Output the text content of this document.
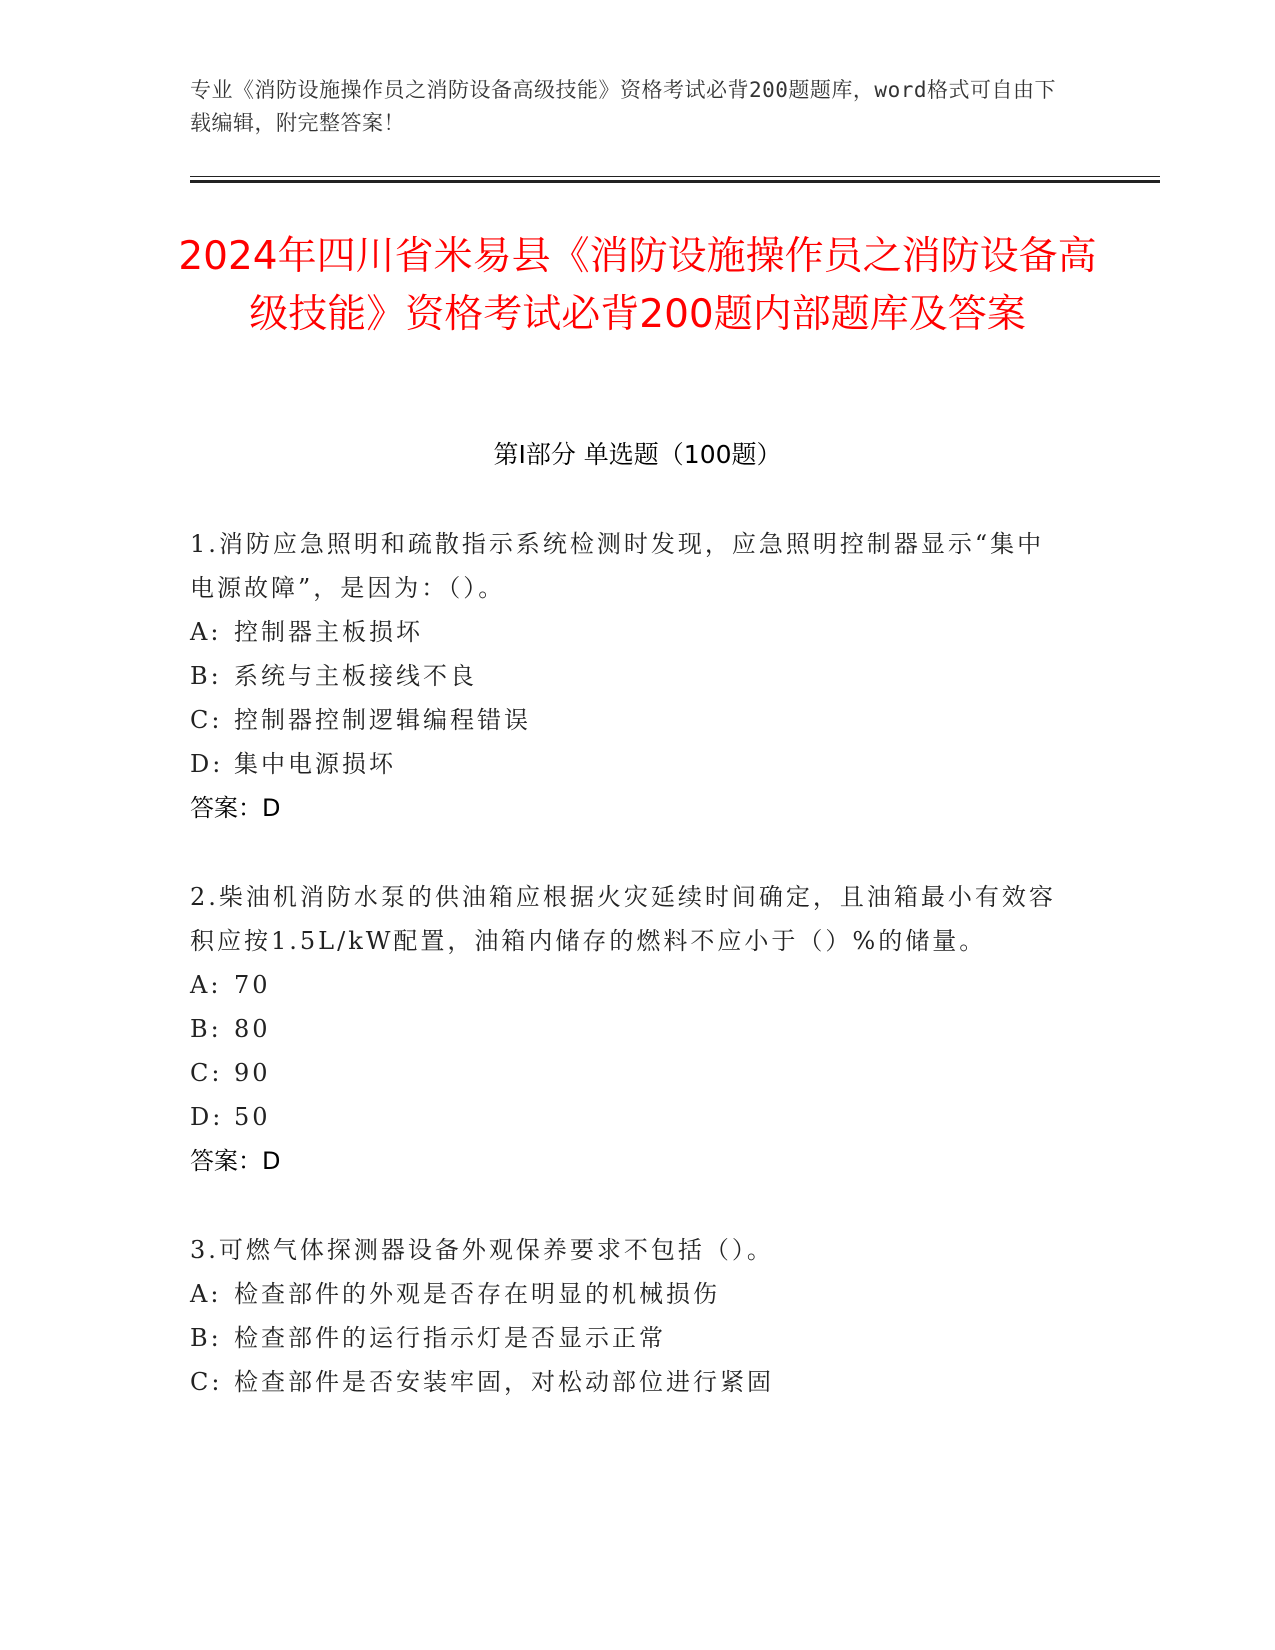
专业《消防设施操作员之消防设备高级技能》资格考试必背200题题库，word格式可自由下载编辑，附完整答案！
2024年四川省米易县《消防设施操作员之消防设备高级技能》资格考试必背200题内部题库及答案
第Ⅰ部分 单选题（100题）
1.消防应急照明和疏散指示系统检测时发现，应急照明控制器显示“集中电源故障”，是因为：（）。
A: 控制器主板损坏
B: 系统与主板接线不良
C: 控制器控制逻辑编程错误
D: 集中电源损坏
答案：D
2.柴油机消防水泵的供油箱应根据火灾延续时间确定，且油箱最小有效容积应按1.5L/kW配置，油箱内储存的燃料不应小于（）%的储量。
A: 70
B: 80
C: 90
D: 50
答案：D
3.可燃气体探测器设备外观保养要求不包括（）。
A: 检查部件的外观是否存在明显的机械损伤
B: 检查部件的运行指示灯是否显示正常
C: 检查部件是否安装牢固，对松动部位进行紧固
